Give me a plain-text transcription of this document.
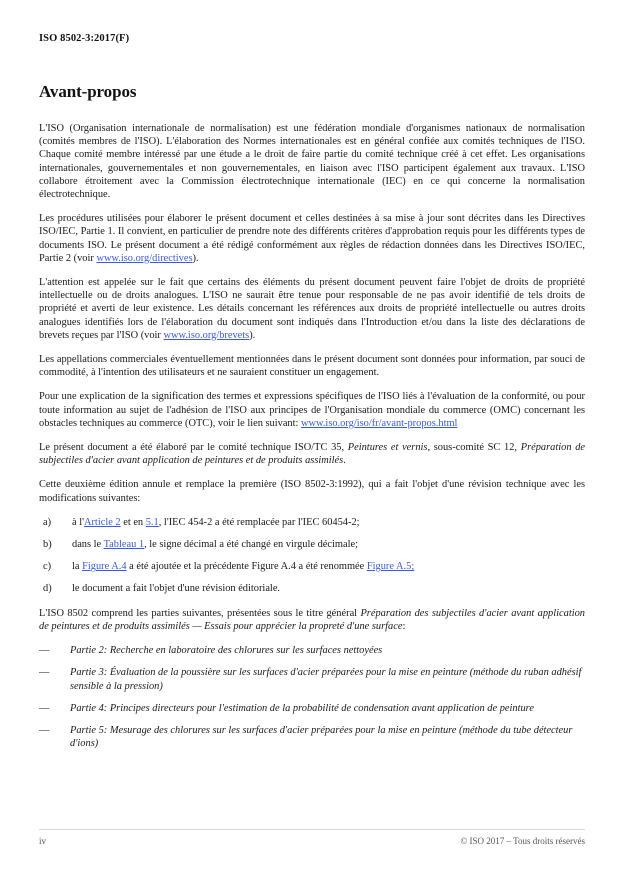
ISO 8502-3:2017(F)
Avant-propos

L'ISO (Organisation internationale de normalisation) est une fédération mondiale d'organismes nationaux de normalisation (comités membres de l'ISO). L'élaboration des Normes internationales est en général confiée aux comités techniques de l'ISO. Chaque comité membre intéressé par une étude a le droit de faire partie du comité technique créé à cet effet. Les organisations internationales, gouvernementales et non gouvernementales, en liaison avec l'ISO participent également aux travaux. L'ISO collabore étroitement avec la Commission électrotechnique internationale (IEC) en ce qui concerne la normalisation électrotechnique.

Les procédures utilisées pour élaborer le présent document et celles destinées à sa mise à jour sont décrites dans les Directives ISO/IEC, Partie 1. Il convient, en particulier de prendre note des différents critères d'approbation requis pour les différents types de documents ISO. Le présent document a été rédigé conformément aux règles de rédaction données dans les Directives ISO/IEC, Partie 2 (voir www.iso.org/directives).

L'attention est appelée sur le fait que certains des éléments du présent document peuvent faire l'objet de droits de propriété intellectuelle ou de droits analogues. L'ISO ne saurait être tenue pour responsable de ne pas avoir identifié de tels droits de propriété et averti de leur existence. Les détails concernant les références aux droits de propriété intellectuelle ou autres droits analogues identifiés lors de l'élaboration du document sont indiqués dans l'Introduction et/ou dans la liste des déclarations de brevets reçues par l'ISO (voir www.iso.org/brevets).

Les appellations commerciales éventuellement mentionnées dans le présent document sont données pour information, par souci de commodité, à l'intention des utilisateurs et ne sauraient constituer un engagement.

Pour une explication de la signification des termes et expressions spécifiques de l'ISO liés à l'évaluation de la conformité, ou pour toute information au sujet de l'adhésion de l'ISO aux principes de l'Organisation mondiale du commerce (OMC) concernant les obstacles techniques au commerce (OTC), voir le lien suivant: www.iso.org/iso/fr/avant-propos.html

Le présent document a été élaboré par le comité technique ISO/TC 35, Peintures et vernis, sous-comité SC 12, Préparation de subjectiles d'acier avant application de peintures et de produits assimilés.

Cette deuxième édition annule et remplace la première (ISO 8502-3:1992), qui a fait l'objet d'une révision technique avec les modifications suivantes:

a)	à l'Article 2 et en 5.1, l'IEC 454-2 a été remplacée par l'IEC 60454-2;
b)	dans le Tableau 1, le signe décimal a été changé en virgule décimale;
c)	la Figure A.4 a été ajoutée et la précédente Figure A.4 a été renommée Figure A.5;
d)	le document a fait l'objet d'une révision éditoriale.

L'ISO 8502 comprend les parties suivantes, présentées sous le titre général Préparation des subjectiles d'acier avant application de peintures et de produits assimilés — Essais pour apprécier la propreté d'une surface:

—	Partie 2: Recherche en laboratoire des chlorures sur les surfaces nettoyées
—	Partie 3: Évaluation de la poussière sur les surfaces d'acier préparées pour la mise en peinture (méthode du ruban adhésif sensible à la pression)
—	Partie 4: Principes directeurs pour l'estimation de la probabilité de condensation avant application de peinture
—	Partie 5: Mesurage des chlorures sur les surfaces d'acier préparées pour la mise en peinture (méthode du tube détecteur d'ions)
iv	© ISO 2017 – Tous droits réservés
